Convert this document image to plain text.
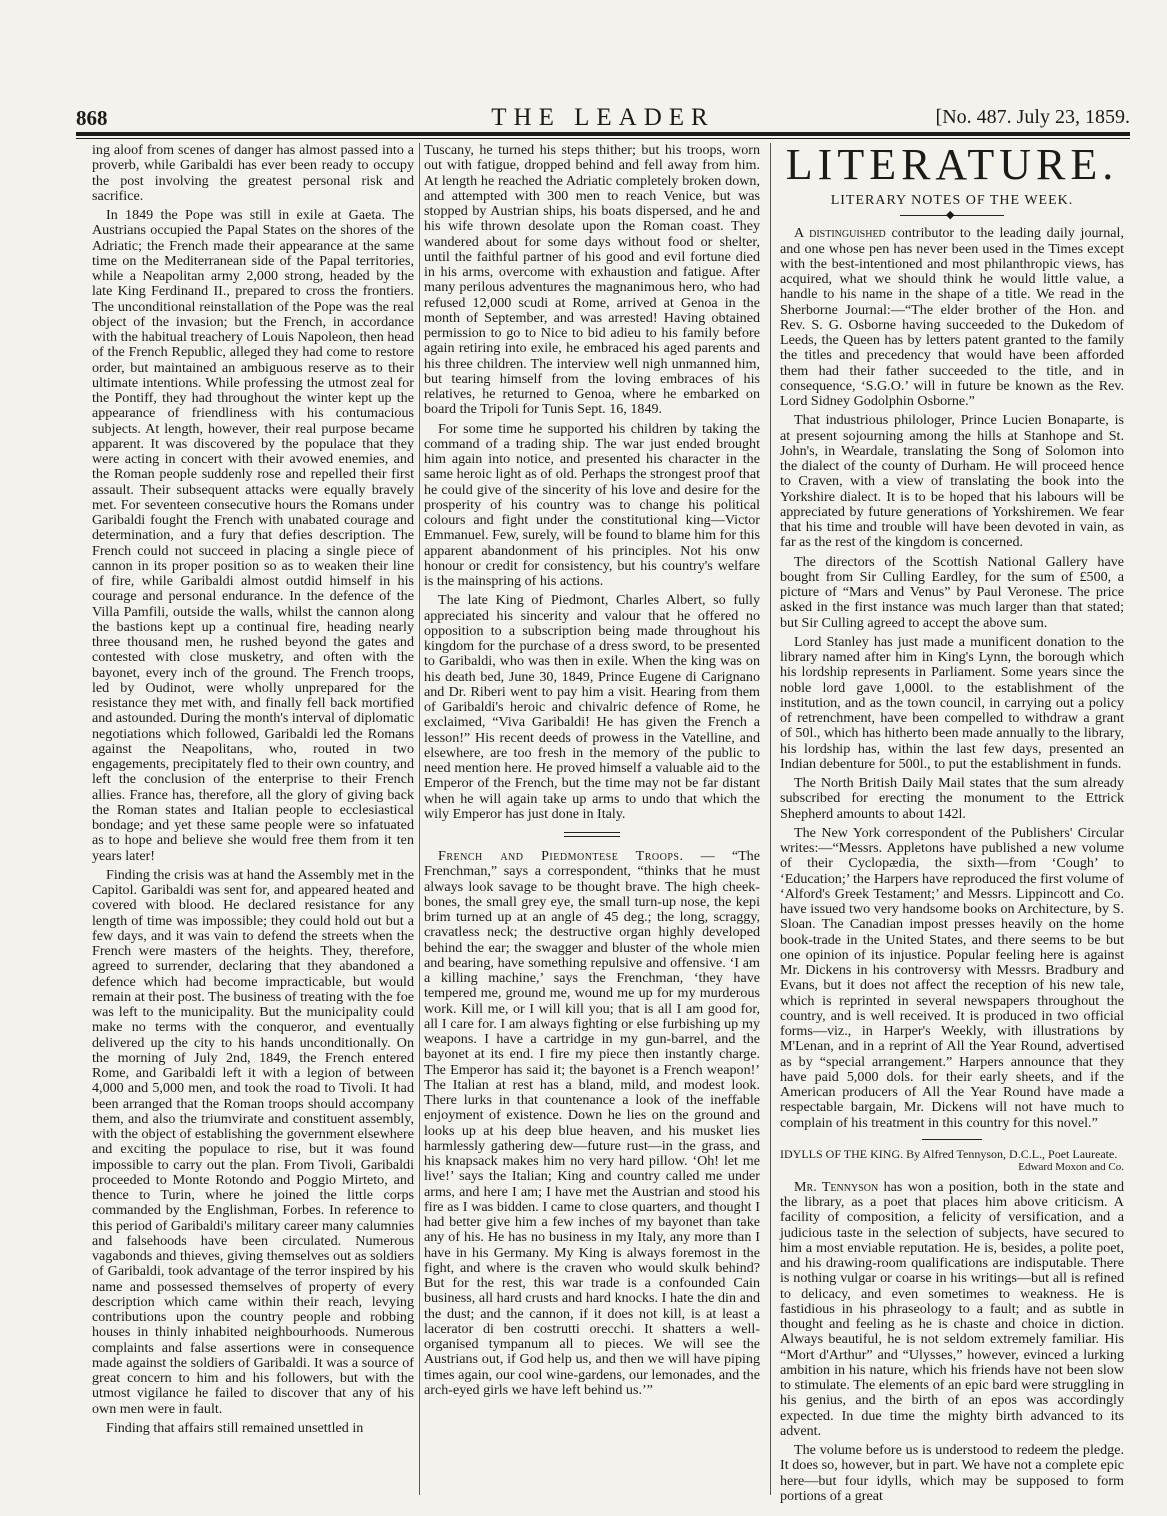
868	THE LEADER	[No. 487. July 23, 1859.

ing aloof from scenes of danger has almost passed into a proverb, while Garibaldi has ever been ready to occupy the post involving the greatest personal risk and sacrifice.

In 1849 the Pope was still in exile at Gaeta. The Austrians occupied the Papal States on the shores of the Adriatic; the French made their appearance at the same time on the Mediterranean side of the Papal territories, while a Neapolitan army 2,000 strong, headed by the late King Ferdinand II., prepared to cross the frontiers. The unconditional reinstallation of the Pope was the real object of the invasion; but the French, in accordance with the habitual treachery of Louis Napoleon, then head of the French Republic, alleged they had come to restore order, but maintained an ambiguous reserve as to their ultimate intentions. While professing the utmost zeal for the Pontiff, they had throughout the winter kept up the appearance of friendliness with his contumacious subjects. At length, however, their real purpose became apparent. It was discovered by the populace that they were acting in concert with their avowed enemies, and the Roman people suddenly rose and repelled their first assault. Their subsequent attacks were equally bravely met. For seventeen consecutive hours the Romans under Garibaldi fought the French with unabated courage and determination, and a fury that defies description. The French could not succeed in placing a single piece of cannon in its proper position so as to weaken their line of fire, while Garibaldi almost outdid himself in his courage and personal endurance. In the defence of the Villa Pamfili, outside the walls, whilst the cannon along the bastions kept up a continual fire, heading nearly three thousand men, he rushed beyond the gates and contested with close musketry, and often with the bayonet, every inch of the ground. The French troops, led by Oudinot, were wholly unprepared for the resistance they met with, and finally fell back mortified and astounded. During the month's interval of diplomatic negotiations which followed, Garibaldi led the Romans against the Neapolitans, who, routed in two engagements, precipitately fled to their own country, and left the conclusion of the enterprise to their French allies. France has, therefore, all the glory of giving back the Roman states and Italian people to ecclesiastical bondage; and yet these same people were so infatuated as to hope and believe she would free them from it ten years later!

Finding the crisis was at hand the Assembly met in the Capitol. Garibaldi was sent for, and appeared heated and covered with blood. He declared resistance for any length of time was impossible; they could hold out but a few days, and it was vain to defend the streets when the French were masters of the heights. They, therefore, agreed to surrender, declaring that they abandoned a defence which had become impracticable, but would remain at their post. The business of treating with the foe was left to the municipality. But the municipality could make no terms with the conqueror, and eventually delivered up the city to his hands unconditionally. On the morning of July 2nd, 1849, the French entered Rome, and Garibaldi left it with a legion of between 4,000 and 5,000 men, and took the road to Tivoli. It had been arranged that the Roman troops should accompany them, and also the triumvirate and constituent assembly, with the object of establishing the government elsewhere and exciting the populace to rise, but it was found impossible to carry out the plan. From Tivoli, Garibaldi proceeded to Monte Rotondo and Poggio Mirteto, and thence to Turin, where he joined the little corps commanded by the Englishman, Forbes. In reference to this period of Garibaldi's military career many calumnies and falsehoods have been circulated. Numerous vagabonds and thieves, giving themselves out as soldiers of Garibaldi, took advantage of the terror inspired by his name and possessed themselves of property of every description which came within their reach, levying contributions upon the country people and robbing houses in thinly inhabited neighbourhoods. Numerous complaints and false assertions were in consequence made against the soldiers of Garibaldi. It was a source of great concern to him and his followers, but with the utmost vigilance he failed to discover that any of his own men were in fault.

Finding that affairs still remained unsettled in

Tuscany, he turned his steps thither; but his troops, worn out with fatigue, dropped behind and fell away from him. At length he reached the Adriatic completely broken down, and attempted with 300 men to reach Venice, but was stopped by Austrian ships, his boats dispersed, and he and his wife thrown desolate upon the Roman coast. They wandered about for some days without food or shelter, until the faithful partner of his good and evil fortune died in his arms, overcome with exhaustion and fatigue. After many perilous adventures the magnanimous hero, who had refused 12,000 scudi at Rome, arrived at Genoa in the month of September, and was arrested! Having obtained permission to go to Nice to bid adieu to his family before again retiring into exile, he embraced his aged parents and his three children. The interview well nigh unmanned him, but tearing himself from the loving embraces of his relatives, he returned to Genoa, where he embarked on board the Tripoli for Tunis Sept. 16, 1849.

For some time he supported his children by taking the command of a trading ship. The war just ended brought him again into notice, and presented his character in the same heroic light as of old. Perhaps the strongest proof that he could give of the sincerity of his love and desire for the prosperity of his country was to change his political colours and fight under the constitutional king—Victor Emmanuel. Few, surely, will be found to blame him for this apparent abandonment of his principles. Not his onw honour or credit for consistency, but his country's welfare is the mainspring of his actions.

The late King of Piedmont, Charles Albert, so fully appreciated his sincerity and valour that he offered no opposition to a subscription being made throughout his kingdom for the purchase of a dress sword, to be presented to Garibaldi, who was then in exile. When the king was on his death bed, June 30, 1849, Prince Eugene di Carignano and Dr. Riberi went to pay him a visit. Hearing from them of Garibaldi's heroic and chivalric defence of Rome, he exclaimed, “Viva Garibaldi! He has given the French a lesson!” His recent deeds of prowess in the Vatelline, and elsewhere, are too fresh in the memory of the public to need mention here. He proved himself a valuable aid to the Emperor of the French, but the time may not be far distant when he will again take up arms to undo that which the wily Emperor has just done in Italy.

French and Piedmontese Troops. — “The Frenchman,” says a correspondent, “thinks that he must always look savage to be thought brave. The high cheek-bones, the small grey eye, the small turn-up nose, the kepi brim turned up at an angle of 45 deg.; the long, scraggy, cravatless neck; the destructive organ highly developed behind the ear; the swagger and bluster of the whole mien and bearing, have something repulsive and offensive. ‘I am a killing machine,’ says the Frenchman, ‘they have tempered me, ground me, wound me up for my murderous work. Kill me, or I will kill you; that is all I am good for, all I care for. I am always fighting or else furbishing up my weapons. I have a cartridge in my gun-barrel, and the bayonet at its end. I fire my piece then instantly charge. The Emperor has said it; the bayonet is a French weapon!’ The Italian at rest has a bland, mild, and modest look. There lurks in that countenance a look of the ineffable enjoyment of existence. Down he lies on the ground and looks up at his deep blue heaven, and his musket lies harmlessly gathering dew—future rust—in the grass, and his knapsack makes him no very hard pillow. ‘Oh! let me live!’ says the Italian; King and country called me under arms, and here I am; I have met the Austrian and stood his fire as I was bidden. I came to close quarters, and thought I had better give him a few inches of my bayonet than take any of his. He has no business in my Italy, any more than I have in his Germany. My King is always foremost in the fight, and where is the craven who would skulk behind? But for the rest, this war trade is a confounded Cain business, all hard crusts and hard knocks. I hate the din and the dust; and the cannon, if it does not kill, is at least a lacerator di ben costrutti orecchi. It shatters a well-organised tympanum all to pieces. We will see the Austrians out, if God help us, and then we will have piping times again, our cool wine-gardens, our lemonades, and the arch-eyed girls we have left behind us.’”

LITERATURE.
LITERARY NOTES OF THE WEEK.
◆

A distinguished contributor to the leading daily journal, and one whose pen has never been used in the Times except with the best-intentioned and most philanthropic views, has acquired, what we should think he would little value, a handle to his name in the shape of a title. We read in the Sherborne Journal:—“The elder brother of the Hon. and Rev. S. G. Osborne having succeeded to the Dukedom of Leeds, the Queen has by letters patent granted to the family the titles and precedency that would have been afforded them had their father succeeded to the title, and in consequence, ‘S.G.O.’ will in future be known as the Rev. Lord Sidney Godolphin Osborne.”

That industrious philologer, Prince Lucien Bonaparte, is at present sojourning among the hills at Stanhope and St. John's, in Weardale, translating the Song of Solomon into the dialect of the county of Durham. He will proceed hence to Craven, with a view of translating the book into the Yorkshire dialect. It is to be hoped that his labours will be appreciated by future generations of Yorkshiremen. We fear that his time and trouble will have been devoted in vain, as far as the rest of the kingdom is concerned.

The directors of the Scottish National Gallery have bought from Sir Culling Eardley, for the sum of £500, a picture of “Mars and Venus” by Paul Veronese. The price asked in the first instance was much larger than that stated; but Sir Culling agreed to accept the above sum.

Lord Stanley has just made a munificent donation to the library named after him in King's Lynn, the borough which his lordship represents in Parliament. Some years since the noble lord gave 1,000l. to the establishment of the institution, and as the town council, in carrying out a policy of retrenchment, have been compelled to withdraw a grant of 50l., which has hitherto been made annually to the library, his lordship has, within the last few days, presented an Indian debenture for 500l., to put the establishment in funds.

The North British Daily Mail states that the sum already subscribed for erecting the monument to the Ettrick Shepherd amounts to about 142l.

The New York correspondent of the Publishers' Circular writes:—“Messrs. Appletons have published a new volume of their Cyclopædia, the sixth—from ‘Cough’ to ‘Education;’ the Harpers have reproduced the first volume of ‘Alford's Greek Testament;’ and Messrs. Lippincott and Co. have issued two very handsome books on Architecture, by S. Sloan. The Canadian impost presses heavily on the home book-trade in the United States, and there seems to be but one opinion of its injustice. Popular feeling here is against Mr. Dickens in his controversy with Messrs. Bradbury and Evans, but it does not affect the reception of his new tale, which is reprinted in several newspapers throughout the country, and is well received. It is produced in two official forms—viz., in Harper's Weekly, with illustrations by M'Lenan, and in a reprint of All the Year Round, advertised as by “special arrangement.” Harpers announce that they have paid 5,000 dols. for their early sheets, and if the American producers of All the Year Round have made a respectable bargain, Mr. Dickens will not have much to complain of his treatment in this country for this novel.”

IDYLLS OF THE KING. By Alfred Tennyson, D.C.L., Poet Laureate.
Edward Moxon and Co.

Mr. Tennyson has won a position, both in the state and the library, as a poet that places him above criticism. A facility of composition, a felicity of versification, and a judicious taste in the selection of subjects, have secured to him a most enviable reputation. He is, besides, a polite poet, and his drawing-room qualifications are indisputable. There is nothing vulgar or coarse in his writings—but all is refined to delicacy, and even sometimes to weakness. He is fastidious in his phraseology to a fault; and as subtle in thought and feeling as he is chaste and choice in diction. Always beautiful, he is not seldom extremely familiar. His “Mort d'Arthur” and “Ulysses,” however, evinced a lurking ambition in his nature, which his friends have not been slow to stimulate. The elements of an epic bard were struggling in his genius, and the birth of an epos was accordingly expected. In due time the mighty birth advanced to its advent.

The volume before us is understood to redeem the pledge. It does so, however, but in part. We have not a complete epic here—but four idylls, which may be supposed to form portions of a great
